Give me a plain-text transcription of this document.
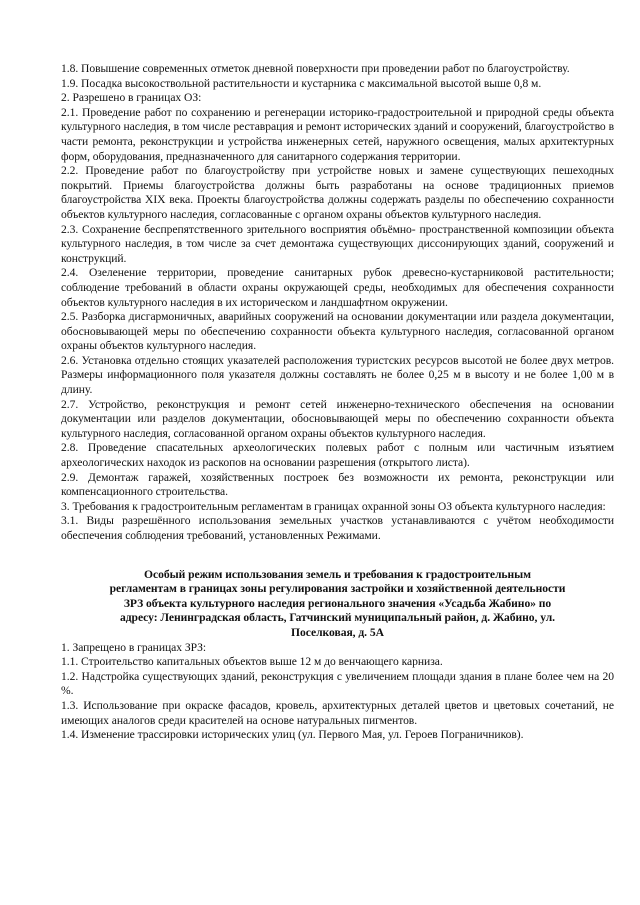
1.8. Повышение современных отметок дневной поверхности при проведении работ по благоустройству.

1.9. Посадка высокоствольной растительности и кустарника с максимальной высотой выше 0,8 м.

2. Разрешено в границах ОЗ:

2.1. Проведение работ по сохранению и регенерации историко-градостроительной и природной среды объекта культурного наследия, в том числе реставрация и ремонт исторических зданий и сооружений, благоустройство в части ремонта, реконструкции и устройства инженерных сетей, наружного освещения, малых архитектурных форм, оборудования, предназначенного для санитарного содержания территории.

2.2. Проведение работ по благоустройству при устройстве новых и замене существующих пешеходных покрытий. Приемы благоустройства должны быть разработаны на основе традиционных приемов благоустройства XIX века. Проекты благоустройства должны содержать разделы по обеспечению сохранности объектов культурного наследия, согласованные с органом охраны объектов культурного наследия.

2.3. Сохранение беспрепятственного зрительного восприятия объёмно- пространственной композиции объекта культурного наследия, в том числе за счет демонтажа существующих диссонирующих зданий, сооружений и конструкций.

2.4. Озеленение территории, проведение санитарных рубок древесно-кустарниковой растительности; соблюдение требований в области охраны окружающей среды, необходимых для обеспечения сохранности объектов культурного наследия в их историческом и ландшафтном окружении.

2.5. Разборка дисгармоничных, аварийных сооружений на основании документации или раздела документации, обосновывающей меры по обеспечению сохранности объекта культурного наследия, согласованной органом охраны объектов культурного наследия.

2.6. Установка отдельно стоящих указателей расположения туристских ресурсов высотой не более двух метров. Размеры информационного поля указателя должны составлять не более 0,25 м в высоту и не более 1,00 м в длину.

2.7. Устройство, реконструкция и ремонт сетей инженерно-технического обеспечения на основании документации или разделов документации, обосновывающей меры по обеспечению сохранности объекта культурного наследия, согласованной органом охраны объектов культурного наследия.

2.8. Проведение спасательных археологических полевых работ с полным или частичным изъятием археологических находок из раскопов на основании разрешения (открытого листа).

2.9. Демонтаж гаражей, хозяйственных построек без возможности их ремонта, реконструкции или компенсационного строительства.

3. Требования к градостроительным регламентам в границах охранной зоны ОЗ объекта культурного наследия:

3.1. Виды разрешённого использования земельных участков устанавливаются с учётом необходимости обеспечения соблюдения требований, установленных Режимами.

Особый режим использования земель и требования к градостроительным
регламентам в границах зоны регулирования застройки и хозяйственной деятельности
ЗРЗ объекта культурного наследия регионального значения «Усадьба Жабино» по
адресу: Ленинградская область, Гатчинский муниципальный район, д. Жабино, ул.
Поселковая, д. 5А

1. Запрещено в границах ЗРЗ:

1.1. Строительство капитальных объектов выше 12 м до венчающего карниза.

1.2. Надстройка существующих зданий, реконструкция с увеличением площади здания в плане более чем на 20 %.

1.3. Использование при окраске фасадов, кровель, архитектурных деталей цветов и цветовых сочетаний, не имеющих аналогов среди красителей на основе натуральных пигментов.

1.4. Изменение трассировки исторических улиц (ул. Первого Мая, ул. Героев Пограничников).
